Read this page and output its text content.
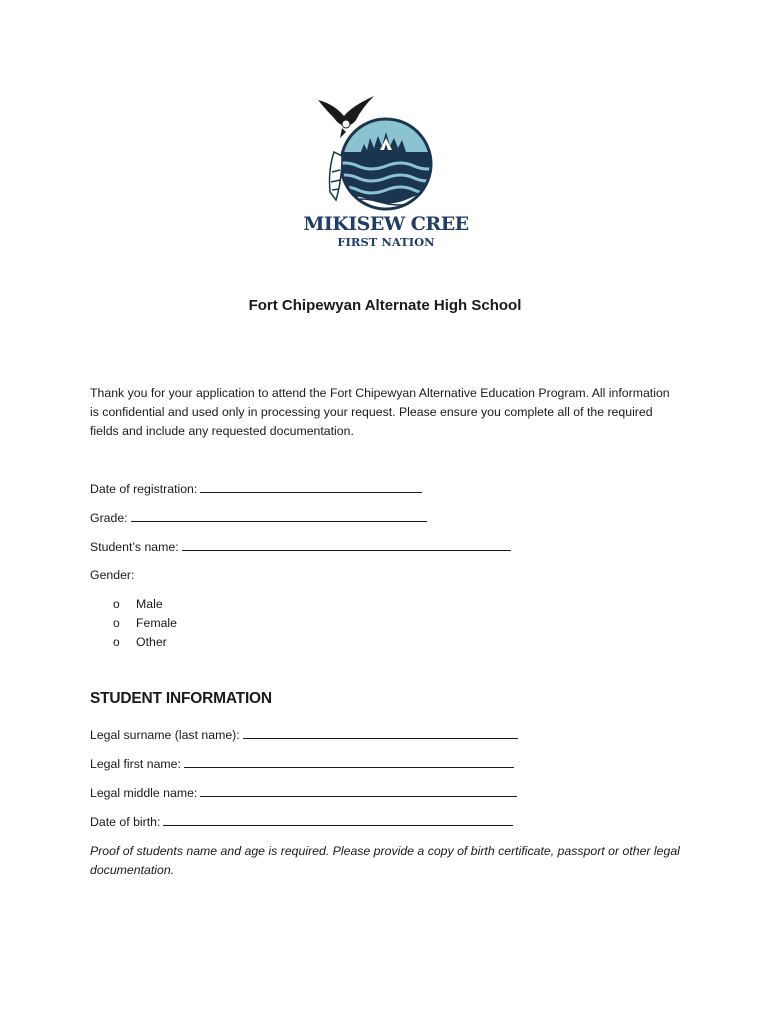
MIKISEW CREE
FIRST NATION
Fort Chipewyan Alternate High School
Thank you for your application to attend the Fort Chipewyan Alternative Education Program. All information is confidential and used only in processing your request. Please ensure you complete all of the required fields and include any requested documentation.
Date of registration:
Grade:
Student’s name:
Gender:
o Male
o Female
o Other
STUDENT INFORMATION
Legal surname (last name):
Legal first name:
Legal middle name:
Date of birth:
Proof of students name and age is required. Please provide a copy of birth certificate, passport or other legal documentation.
